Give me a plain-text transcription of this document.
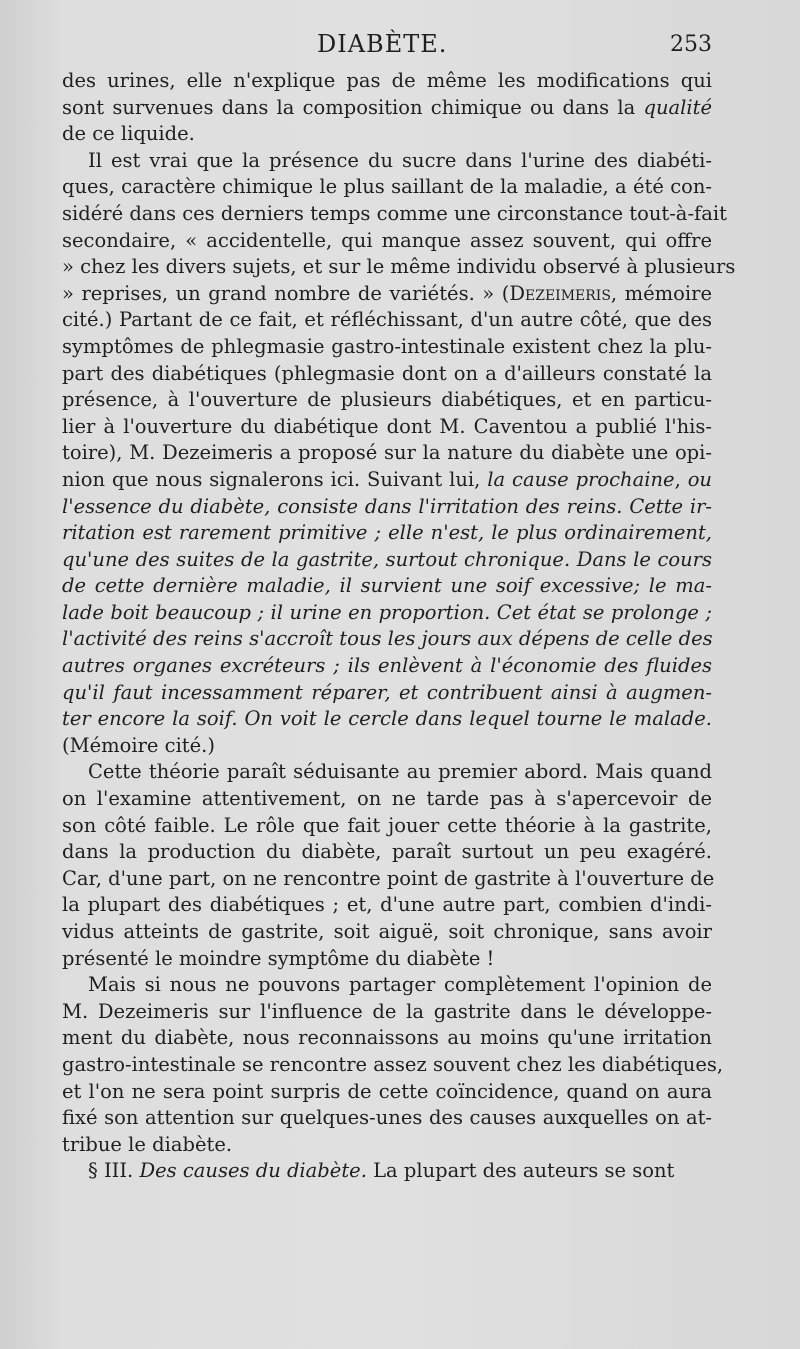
DIABÈTE.	253
des urines, elle n'explique pas de même les modifications qui
sont survenues dans la composition chimique ou dans la qualité
de ce liquide.
Il est vrai que la présence du sucre dans l'urine des diabéti-
ques, caractère chimique le plus saillant de la maladie, a été con-
sidéré dans ces derniers temps comme une circonstance tout-à-fait
secondaire, « accidentelle, qui manque assez souvent, qui offre
» chez les divers sujets, et sur le même individu observé à plusieurs
» reprises, un grand nombre de variétés. » (Dezeimeris, mémoire
cité.) Partant de ce fait, et réfléchissant, d'un autre côté, que des
symptômes de phlegmasie gastro-intestinale existent chez la plu-
part des diabétiques (phlegmasie dont on a d'ailleurs constaté la
présence, à l'ouverture de plusieurs diabétiques, et en particu-
lier à l'ouverture du diabétique dont M. Caventou a publié l'his-
toire), M. Dezeimeris a proposé sur la nature du diabète une opi-
nion que nous signalerons ici. Suivant lui, la cause prochaine, ou
l'essence du diabète, consiste dans l'irritation des reins. Cette ir-
ritation est rarement primitive ; elle n'est, le plus ordinairement,
qu'une des suites de la gastrite, surtout chronique. Dans le cours
de cette dernière maladie, il survient une soif excessive; le ma-
lade boit beaucoup ; il urine en proportion. Cet état se prolonge ;
l'activité des reins s'accroît tous les jours aux dépens de celle des
autres organes excréteurs ; ils enlèvent à l'économie des fluides
qu'il faut incessamment réparer, et contribuent ainsi à augmen-
ter encore la soif. On voit le cercle dans lequel tourne le malade.
(Mémoire cité.)
Cette théorie paraît séduisante au premier abord. Mais quand
on l'examine attentivement, on ne tarde pas à s'apercevoir de
son côté faible. Le rôle que fait jouer cette théorie à la gastrite,
dans la production du diabète, paraît surtout un peu exagéré.
Car, d'une part, on ne rencontre point de gastrite à l'ouverture de
la plupart des diabétiques ; et, d'une autre part, combien d'indi-
vidus atteints de gastrite, soit aiguë, soit chronique, sans avoir
présenté le moindre symptôme du diabète !
Mais si nous ne pouvons partager complètement l'opinion de
M. Dezeimeris sur l'influence de la gastrite dans le développe-
ment du diabète, nous reconnaissons au moins qu'une irritation
gastro-intestinale se rencontre assez souvent chez les diabétiques,
et l'on ne sera point surpris de cette coïncidence, quand on aura
fixé son attention sur quelques-unes des causes auxquelles on at-
tribue le diabète.
§ III. Des causes du diabète. La plupart des auteurs se sont
